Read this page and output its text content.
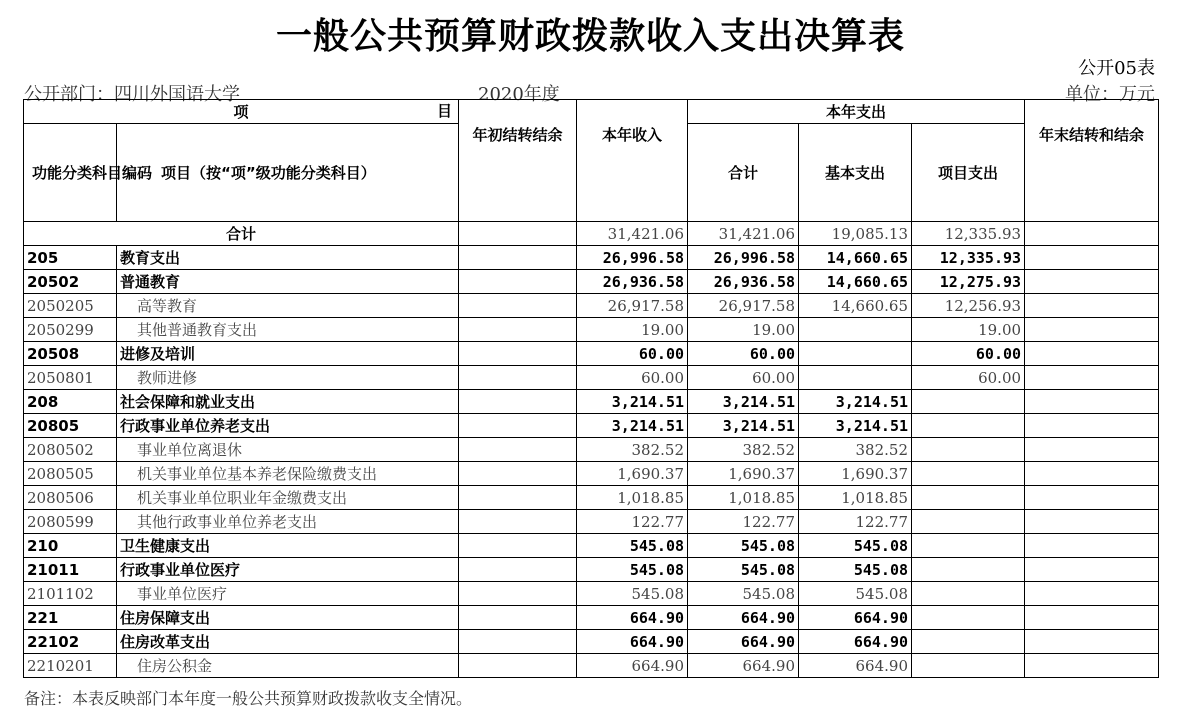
一般公共预算财政拨款收入支出决算表
公开05表
公开部门：四川外国语大学	2020年度	单位：万元
项 目		年初结转结余	本年收入	本年支出			年末结转和结余
功能分类科目编码	项目（按“项”级功能分类科目）			合计	基本支出	项目支出	
合计			31,421.06	31,421.06	19,085.13	12,335.93	
205	教育支出		26,996.58	26,996.58	14,660.65	12,335.93	
20502	普通教育		26,936.58	26,936.58	14,660.65	12,275.93	
2050205	高等教育		26,917.58	26,917.58	14,660.65	12,256.93	
2050299	其他普通教育支出		19.00	19.00		19.00	
20508	进修及培训		60.00	60.00		60.00	
2050801	教师进修		60.00	60.00		60.00	
208	社会保障和就业支出		3,214.51	3,214.51	3,214.51		
20805	行政事业单位养老支出		3,214.51	3,214.51	3,214.51		
2080502	事业单位离退休		382.52	382.52	382.52		
2080505	机关事业单位基本养老保险缴费支出		1,690.37	1,690.37	1,690.37		
2080506	机关事业单位职业年金缴费支出		1,018.85	1,018.85	1,018.85		
2080599	其他行政事业单位养老支出		122.77	122.77	122.77		
210	卫生健康支出		545.08	545.08	545.08		
21011	行政事业单位医疗		545.08	545.08	545.08		
2101102	事业单位医疗		545.08	545.08	545.08		
221	住房保障支出		664.90	664.90	664.90		
22102	住房改革支出		664.90	664.90	664.90		
2210201	住房公积金		664.90	664.90	664.90		
备注：本表反映部门本年度一般公共预算财政拨款收支全情况。
